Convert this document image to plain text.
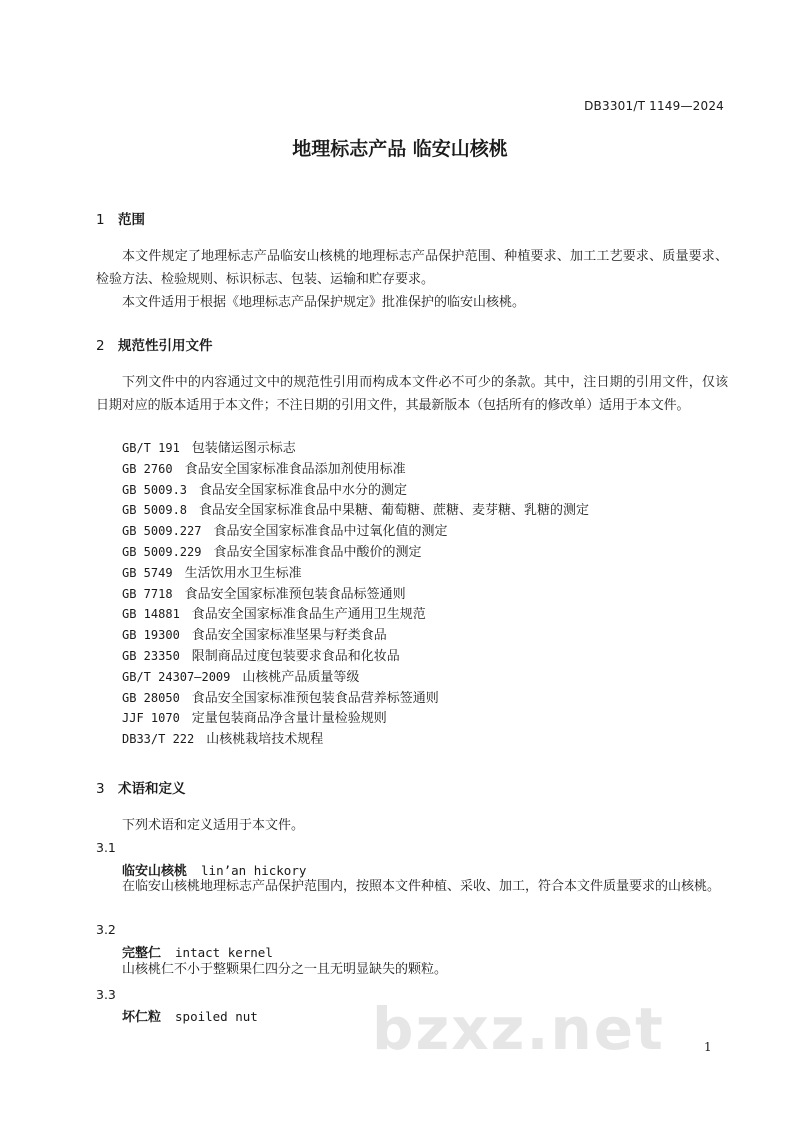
DB3301/T 1149—2024
地理标志产品 临安山核桃
1 范围
本文件规定了地理标志产品临安山核桃的地理标志产品保护范围、种植要求、加工工艺要求、质量要求、检验方法、检验规则、标识标志、包装、运输和贮存要求。
本文件适用于根据《地理标志产品保护规定》批准保护的临安山核桃。
2 规范性引用文件
下列文件中的内容通过文中的规范性引用而构成本文件必不可少的条款。其中，注日期的引用文件，仅该日期对应的版本适用于本文件；不注日期的引用文件，其最新版本（包括所有的修改单）适用于本文件。
GB/T 191 包装储运图示标志
GB 2760 食品安全国家标准食品添加剂使用标准
GB 5009.3 食品安全国家标准食品中水分的测定
GB 5009.8 食品安全国家标准食品中果糖、葡萄糖、蔗糖、麦芽糖、乳糖的测定
GB 5009.227 食品安全国家标准食品中过氧化值的测定
GB 5009.229 食品安全国家标准食品中酸价的测定
GB 5749 生活饮用水卫生标准
GB 7718 食品安全国家标准预包装食品标签通则
GB 14881 食品安全国家标准食品生产通用卫生规范
GB 19300 食品安全国家标准坚果与籽类食品
GB 23350 限制商品过度包装要求食品和化妆品
GB/T 24307—2009 山核桃产品质量等级
GB 28050 食品安全国家标准预包装食品营养标签通则
JJF 1070 定量包装商品净含量计量检验规则
DB33/T 222 山核桃栽培技术规程
3 术语和定义
下列术语和定义适用于本文件。
3.1
临安山核桃 lin’an hickory
在临安山核桃地理标志产品保护范围内，按照本文件种植、采收、加工，符合本文件质量要求的山核桃。
3.2
完整仁 intact kernel
山核桃仁不小于整颗果仁四分之一且无明显缺失的颗粒。
3.3
坏仁粒 spoiled nut bzxz.net	1
